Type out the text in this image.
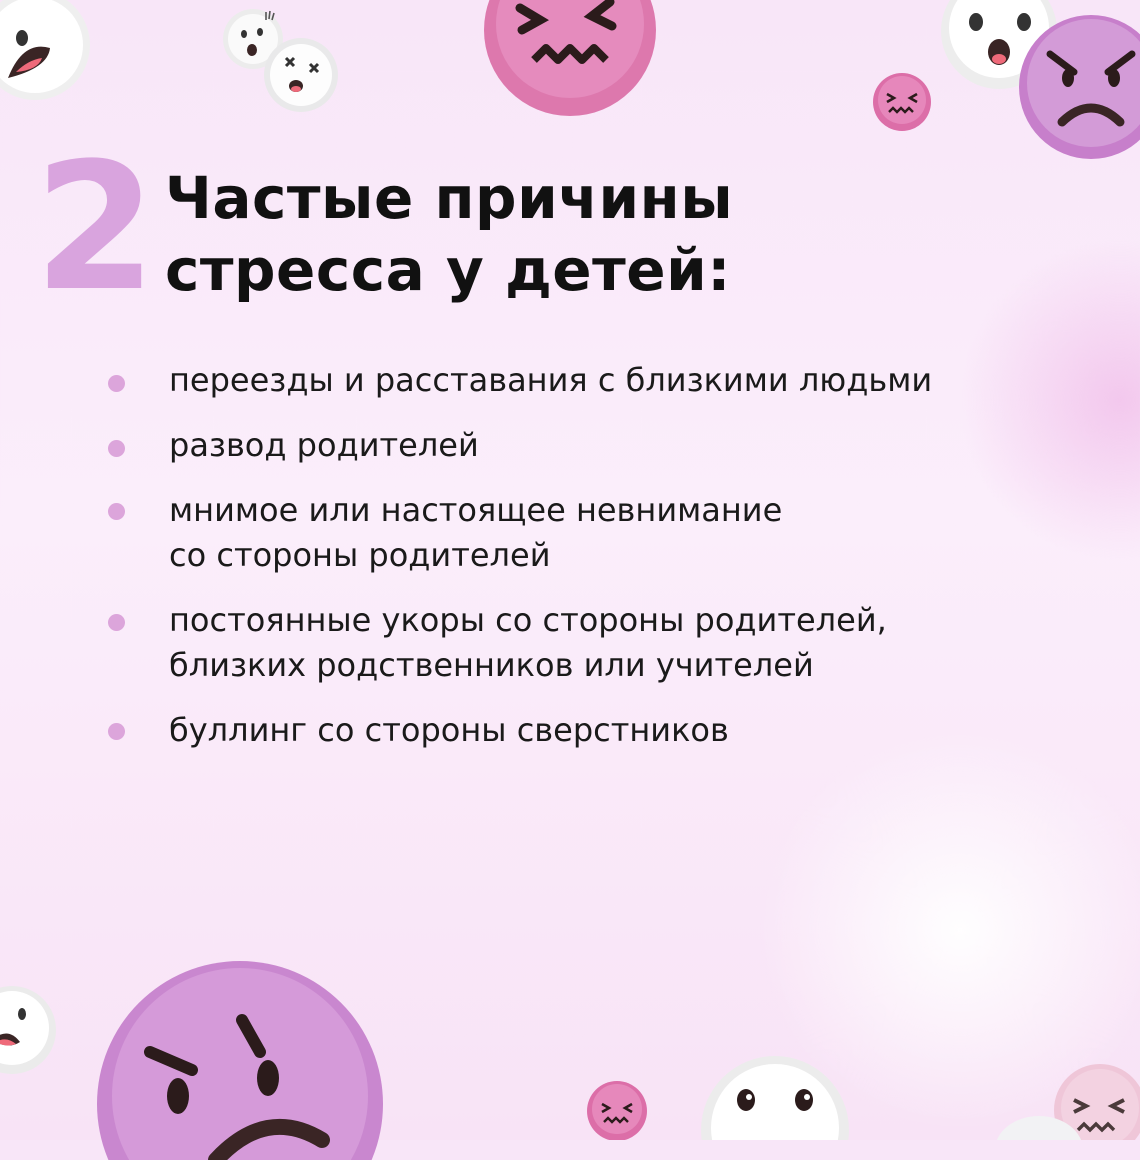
2 Частые причины
стресса у детей:
переезды и расставания с близкими людьми
развод родителей
мнимое или настоящее невнимание
со стороны родителей
постоянные укоры со стороны родителей,
близких родственников или учителей
буллинг со стороны сверстников
